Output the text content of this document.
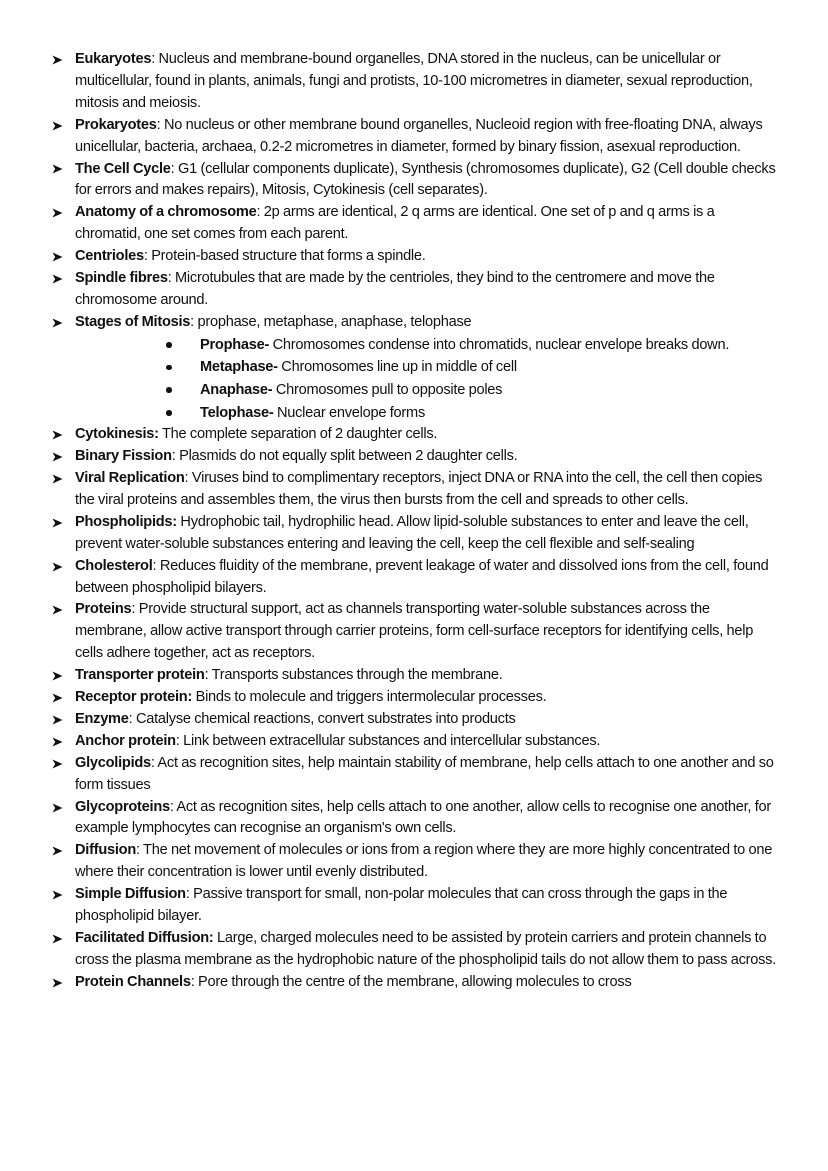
Eukaryotes: Nucleus and membrane-bound organelles, DNA stored in the nucleus, can be unicellular or multicellular, found in plants, animals, fungi and protists, 10-100 micrometres in diameter, sexual reproduction, mitosis and meiosis.
Prokaryotes: No nucleus or other membrane bound organelles, Nucleoid region with free-floating DNA, always unicellular, bacteria, archaea, 0.2-2 micrometres in diameter, formed by binary fission, asexual reproduction.
The Cell Cycle: G1 (cellular components duplicate), Synthesis (chromosomes duplicate), G2 (Cell double checks for errors and makes repairs), Mitosis, Cytokinesis (cell separates).
Anatomy of a chromosome: 2p arms are identical, 2 q arms are identical. One set of p and q arms is a chromatid, one set comes from each parent.
Centrioles: Protein-based structure that forms a spindle.
Spindle fibres: Microtubules that are made by the centrioles, they bind to the centromere and move the chromosome around.
Stages of Mitosis: prophase, metaphase, anaphase, telophase
Prophase- Chromosomes condense into chromatids, nuclear envelope breaks down.
Metaphase- Chromosomes line up in middle of cell
Anaphase- Chromosomes pull to opposite poles
Telophase- Nuclear envelope forms
Cytokinesis: The complete separation of 2 daughter cells.
Binary Fission: Plasmids do not equally split between 2 daughter cells.
Viral Replication: Viruses bind to complimentary receptors, inject DNA or RNA into the cell, the cell then copies the viral proteins and assembles them, the virus then bursts from the cell and spreads to other cells.
Phospholipids: Hydrophobic tail, hydrophilic head. Allow lipid-soluble substances to enter and leave the cell, prevent water-soluble substances entering and leaving the cell, keep the cell flexible and self-sealing
Cholesterol: Reduces fluidity of the membrane, prevent leakage of water and dissolved ions from the cell, found between phospholipid bilayers.
Proteins: Provide structural support, act as channels transporting water-soluble substances across the membrane, allow active transport through carrier proteins, form cell-surface receptors for identifying cells, help cells adhere together, act as receptors.
Transporter protein: Transports substances through the membrane.
Receptor protein: Binds to molecule and triggers intermolecular processes.
Enzyme: Catalyse chemical reactions, convert substrates into products
Anchor protein: Link between extracellular substances and intercellular substances.
Glycolipids: Act as recognition sites, help maintain stability of membrane, help cells attach to one another and so form tissues
Glycoproteins: Act as recognition sites, help cells attach to one another, allow cells to recognise one another, for example lymphocytes can recognise an organism's own cells.
Diffusion: The net movement of molecules or ions from a region where they are more highly concentrated to one where their concentration is lower until evenly distributed.
Simple Diffusion: Passive transport for small, non-polar molecules that can cross through the gaps in the phospholipid bilayer.
Facilitated Diffusion: Large, charged molecules need to be assisted by protein carriers and protein channels to cross the plasma membrane as the hydrophobic nature of the phospholipid tails do not allow them to pass across.
Protein Channels: Pore through the centre of the membrane, allowing molecules to cross
